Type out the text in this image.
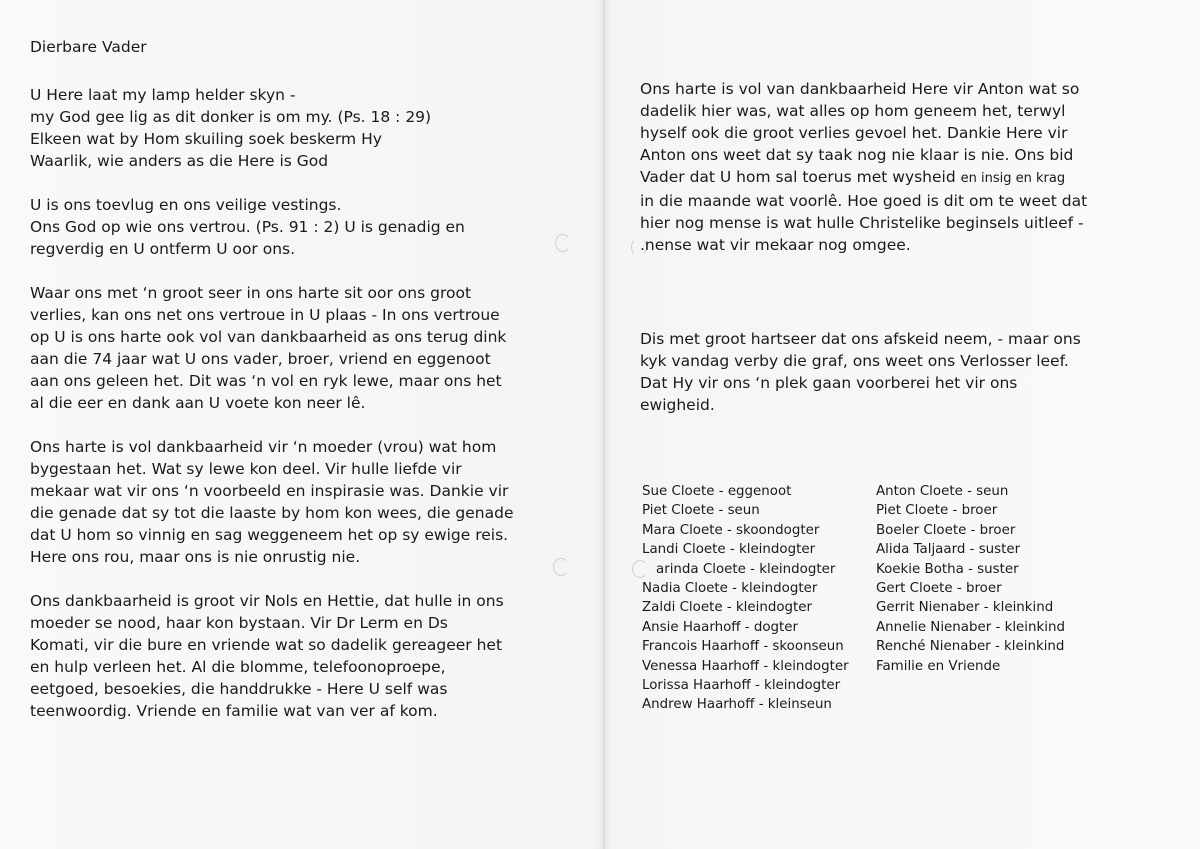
Dierbare Vader
U Here laat my lamp helder skyn -
my God gee lig as dit donker is om my. (Ps. 18 : 29)
Elkeen wat by Hom skuiling soek beskerm Hy
Waarlik, wie anders as die Here is God
U is ons toevlug en ons veilige vestings.
Ons God op wie ons vertrou. (Ps. 91 : 2) U is genadig en
regverdig en U ontferm U oor ons.
Waar ons met ‘n groot seer in ons harte sit oor ons groot
verlies, kan ons net ons vertroue in U plaas - In ons vertroue
op U is ons harte ook vol van dankbaarheid as ons terug dink
aan die 74 jaar wat U ons vader, broer, vriend en eggenoot
aan ons geleen het. Dit was ‘n vol en ryk lewe, maar ons het
al die eer en dank aan U voete kon neer lê.
Ons harte is vol dankbaarheid vir ‘n moeder (vrou) wat hom
bygestaan het. Wat sy lewe kon deel. Vir hulle liefde vir
mekaar wat vir ons ‘n voorbeeld en inspirasie was. Dankie vir
die genade dat sy tot die laaste by hom kon wees, die genade
dat U hom so vinnig en sag weggeneem het op sy ewige reis.
Here ons rou, maar ons is nie onrustig nie.
Ons dankbaarheid is groot vir Nols en Hettie, dat hulle in ons
moeder se nood, haar kon bystaan. Vir Dr Lerm en Ds
Komati, vir die bure en vriende wat so dadelik gereageer het
en hulp verleen het. Al die blomme, telefoonoproepe,
eetgoed, besoekies, die handdrukke - Here U self was
teenwoordig. Vriende en familie wat van ver af kom.
Ons harte is vol van dankbaarheid Here vir Anton wat so
dadelik hier was, wat alles op hom geneem het, terwyl
hyself ook die groot verlies gevoel het. Dankie Here vir
Anton ons weet dat sy taak nog nie klaar is nie. Ons bid
Vader dat U hom sal toerus met wysheid en insig en krag
in die maande wat voorlê. Hoe goed is dit om te weet dat
hier nog mense is wat hulle Christelike beginsels uitleef -
.nense wat vir mekaar nog omgee.
Dis met groot hartseer dat ons afskeid neem, - maar ons
kyk vandag verby die graf, ons weet ons Verlosser leef.
Dat Hy vir ons ‘n plek gaan voorberei het vir ons
ewigheid.
Sue Cloete - eggenoot
Piet Cloete - seun
Mara Cloete - skoondogter
Landi Cloete - kleindogter
arinda Cloete - kleindogter
Nadia Cloete - kleindogter
Zaldi Cloete - kleindogter
Ansie Haarhoff - dogter
Francois Haarhoff - skoonseun
Venessa Haarhoff - kleindogter
Lorissa Haarhoff - kleindogter
Andrew Haarhoff - kleinseun
Anton Cloete - seun
Piet Cloete - broer
Boeler Cloete - broer
Alida Taljaard - suster
Koekie Botha - suster
Gert Cloete - broer
Gerrit Nienaber - kleinkind
Annelie Nienaber - kleinkind
Renché Nienaber - kleinkind
Familie en Vriende
